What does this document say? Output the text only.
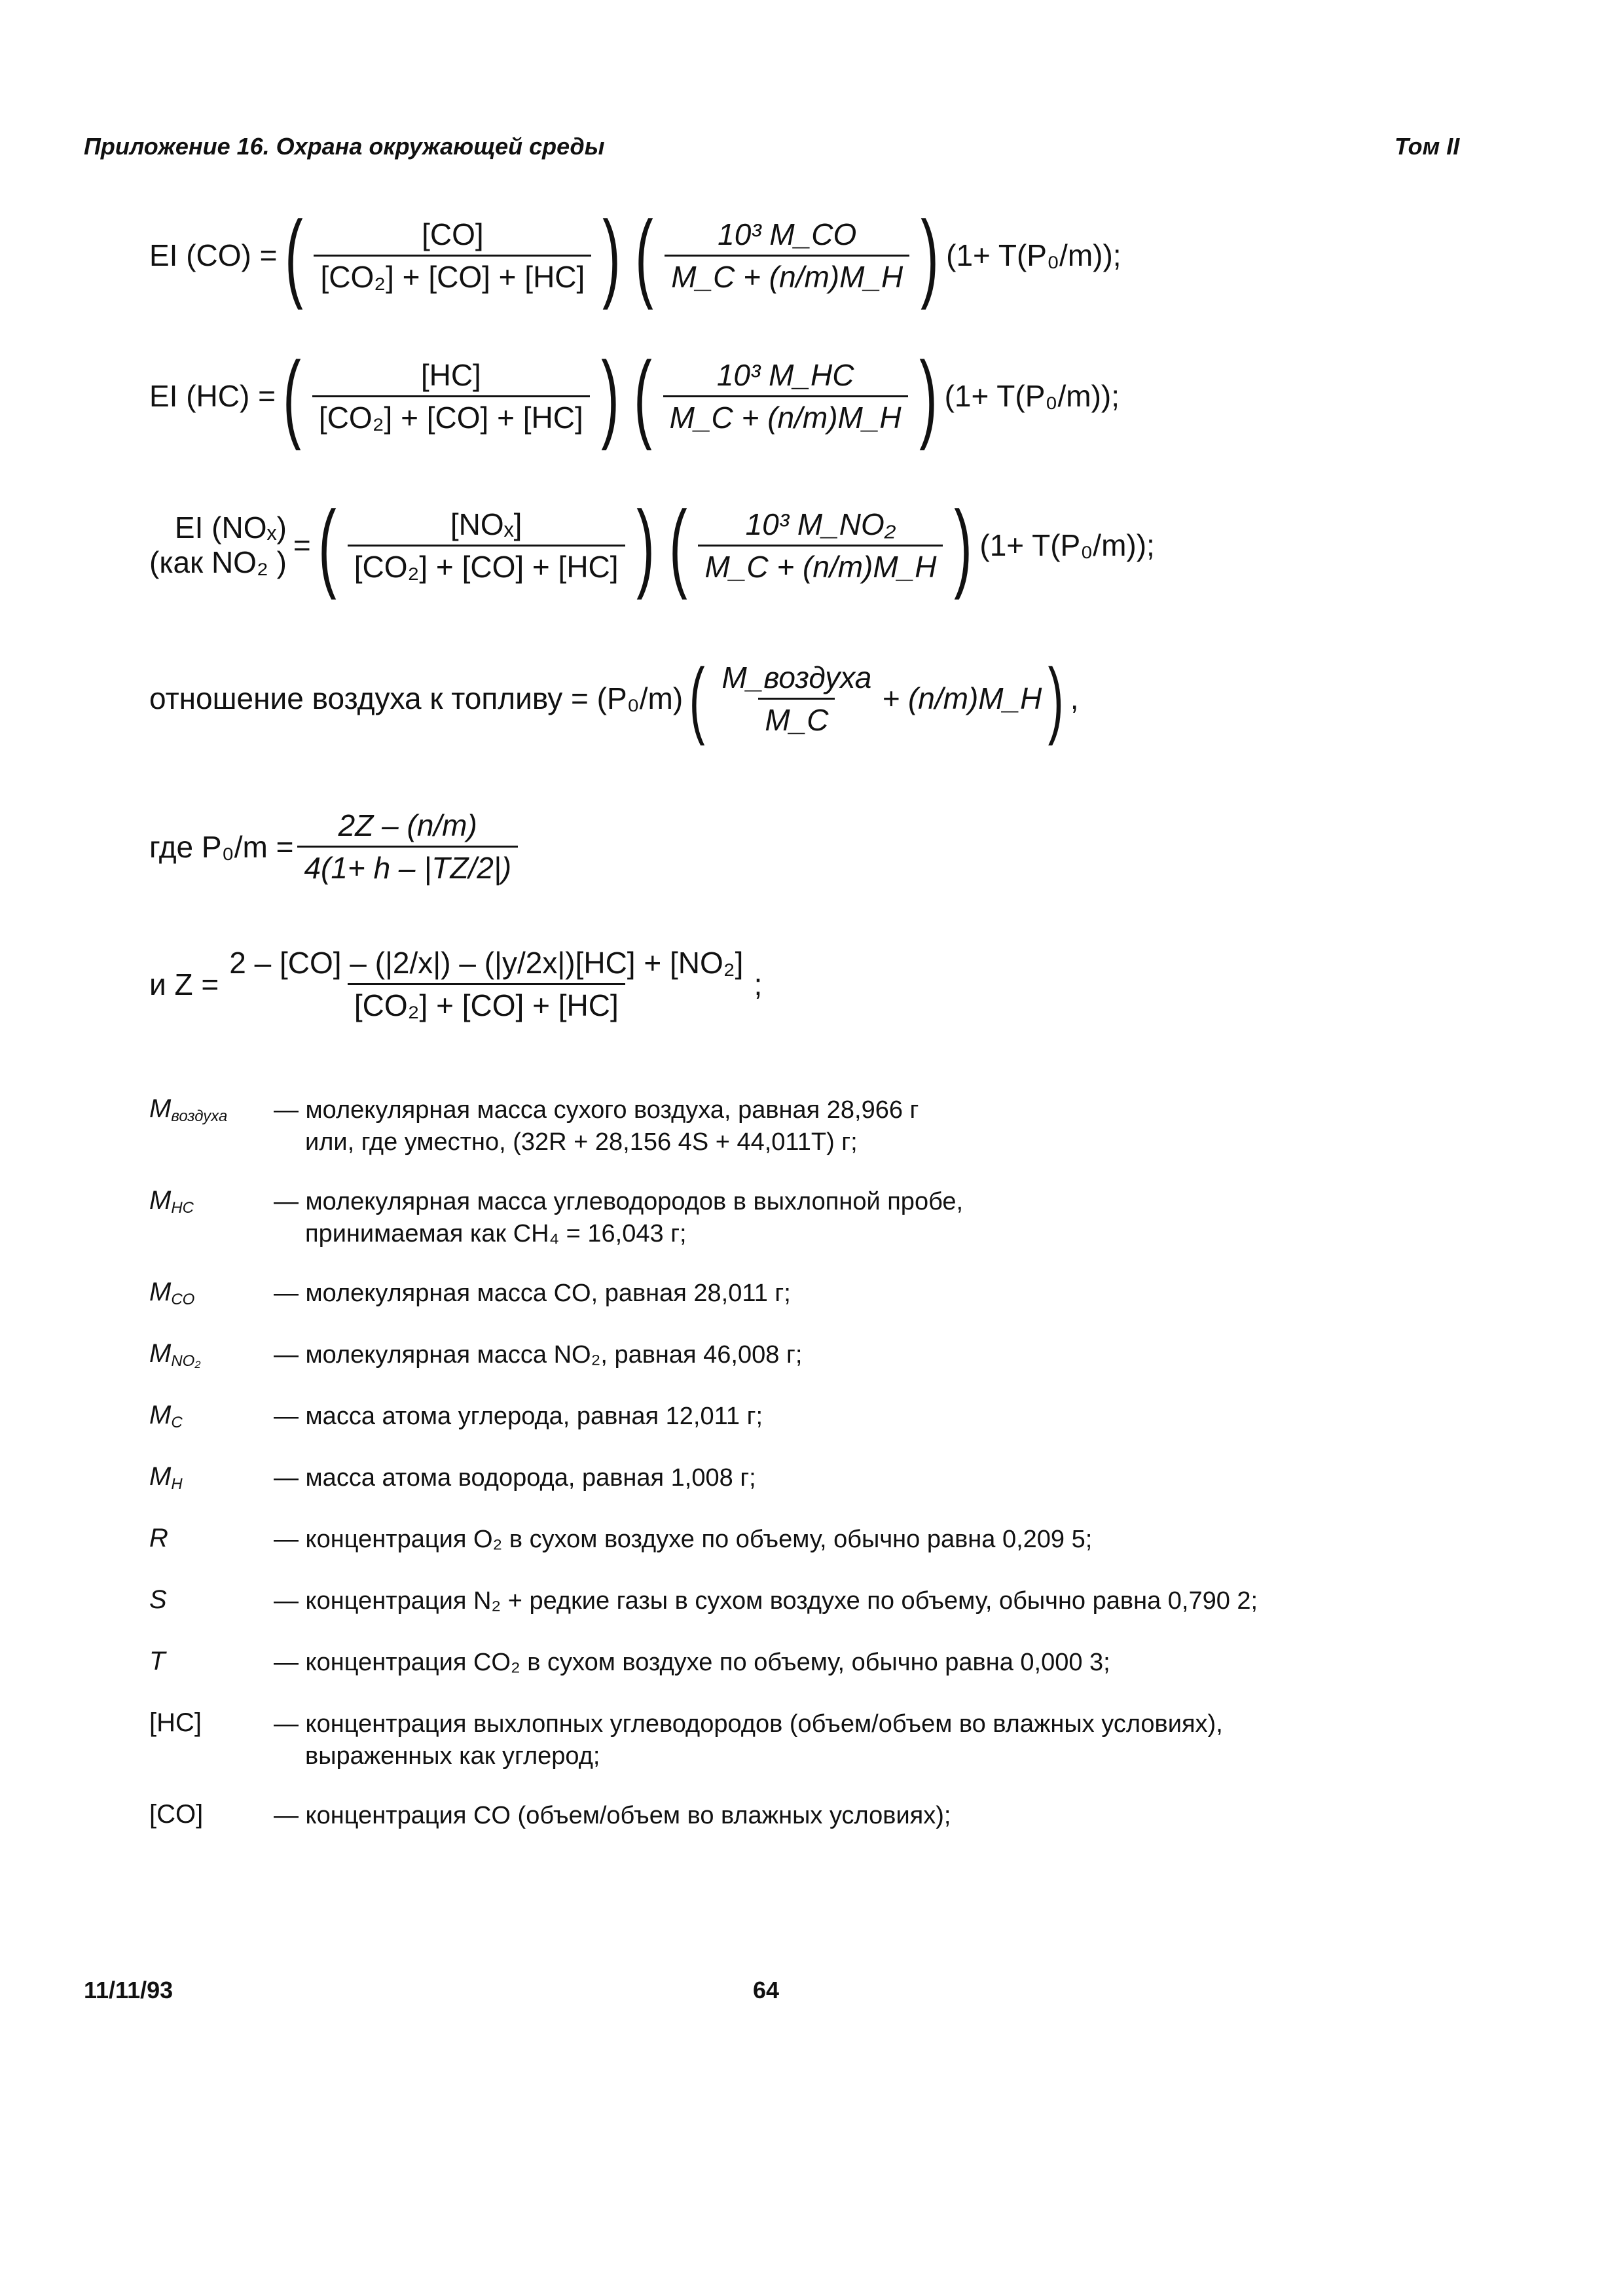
Приложение 16. Охрана окружающей среды	Том II
EI (CO) = ( $\frac{[CO]}{\text{[CO₂] + [CO] + [HC]}}$ ) ( $\frac{\text{10³ M\_CO}}{M\_C + (n/m)M\_H}$ ) (1+ T(P₀/m));
EI (HC) = ( $\frac{[HC]}{\text{[CO₂] + [CO] + [HC]}}$ ) ( $\frac{\text{10³ M\_HC}}{M\_C + (n/m)M\_H}$ ) (1+ T(P₀/m));
EI (NOₓ)
(как NO₂ ) = ( $\frac{\text{[NOₓ]}}{\text{[CO₂] + [CO] + [HC]}}$ ) ( $\frac{\text{10³ M\_NO₂}}{M\_C + (n/m)M\_H}$ ) (1+ T(P₀/m));
отношение воздуха к топливу = (P₀/m) ( $\frac{\text{M\_воздуха}}{M\_C}$ + (n/m)M_H ) ,
где $P_0/m = \frac{2Z - (n/m)}{4(1+ h - |TZ/2|)}$
и $Z = \frac{\text{2 – [CO] – (|2/x|) – (|y/2x|)[HC] + [NO₂]}}{\text{[CO₂] + [CO] + [HC]}}$ ;
$M_{воздуха}$ — молекулярная масса сухого воздуха, равная 28,966 г
или, где уместно, (32R + 28,156 4S + 44,011T) г;
$M_{HC}$	— молекулярная масса углеводородов в выхлопной пробе,
принимаемая как CH₄ = 16,043 г;
$M_{CO}$	— молекулярная масса CO, равная 28,011 г;
$M_{NO_2}$	— молекулярная масса NO₂, равная 46,008 г;
$M_C$	— масса атома углерода, равная 12,011 г;
$M_H$	— масса атома водорода, равная 1,008 г;
R	— концентрация O₂ в сухом воздухе по объему, обычно равна 0,209 5;
S	— концентрация N₂ + редкие газы в сухом воздухе по объему, обычно равна 0,790 2;
T	— концентрация CO₂ в сухом воздухе по объему, обычно равна 0,000 3;
[HC]	— концентрация выхлопных углеводородов (объем/объем во влажных условиях),
выраженных как углерод;
[CO]	— концентрация CO (объем/объем во влажных условиях);
11/11/93	64
